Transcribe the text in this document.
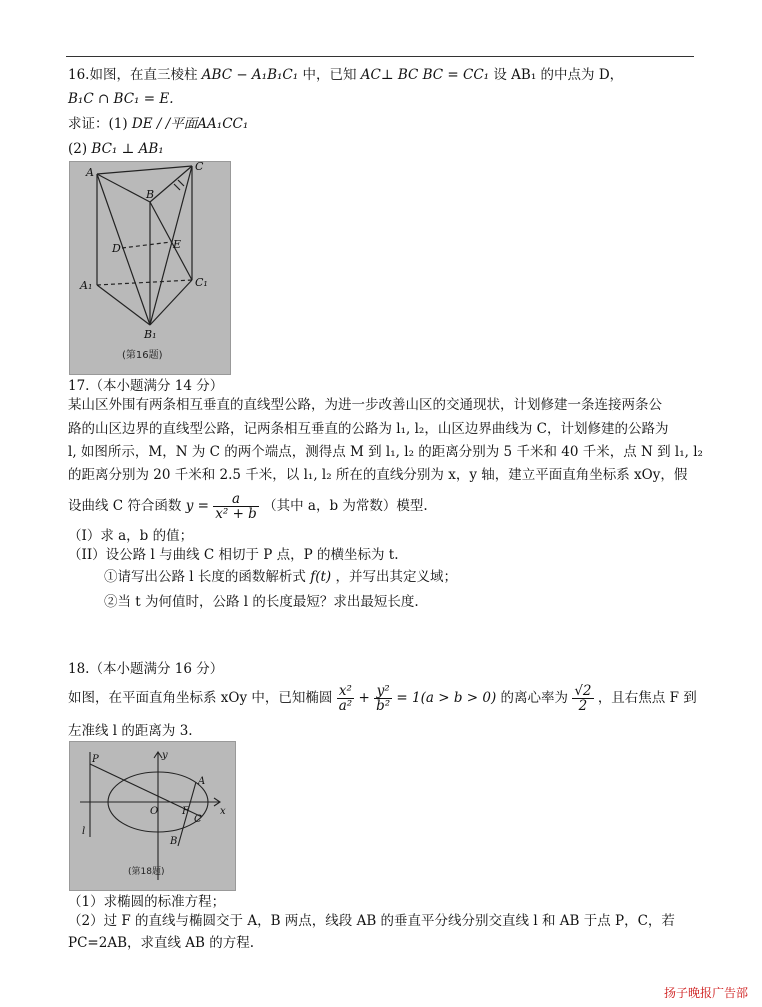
16.如图，在直三棱柱 ABC − A₁B₁C₁ 中，已知 AC⊥ BC BC = CC₁ 设 AB₁ 的中点为 D，
B₁C ∩ BC₁ = E.
求证：(1) DE / /平面AA₁CC₁
(2) BC₁ ⊥ AB₁
A
B
C
D	E
A₁
B₁
C₁
(第16题)
17.（本小题满分 14 分）
某山区外围有两条相互垂直的直线型公路，为进一步改善山区的交通现状，计划修建一条连接两条公
路的山区边界的直线型公路，记两条相互垂直的公路为 l₁, l₂，山区边界曲线为 C，计划修建的公路为
l, 如图所示，M，N 为 C 的两个端点，测得点 M 到 l₁, l₂ 的距离分别为 5 千米和 40 千米，点 N 到 l₁, l₂
的距离分别为 20 千米和 2.5 千米，以 l₁, l₂ 所在的直线分别为 x，y 轴，建立平面直角坐标系 xOy，假
设曲线 C 符合函数 $y = \frac{a}{\text{x² + b}}$ （其中 a，b 为常数）模型.
（I）求 a，b 的值；
（II）设公路 l 与曲线 C 相切于 P 点，P 的横坐标为 t.
①请写出公路 l 长度的函数解析式 f(t) ，并写出其定义域；
②当 t 为何值时，公路 l 的长度最短？求出最短长度.
18.（本小题满分 16 分）
如图，在平面直角坐标系 xOy 中，已知椭圆 $\frac{\text{x²}}{\text{a²}} + \frac{\text{y²}}{\text{b²}} = 1(a > b > 0)$ 的离心率为 $\frac{√2}{2}$ ，且右焦点 F 到
左准线 l 的距离为 3.
P	y
A
O F	x
B
C
l
(第18题)
（1）求椭圆的标准方程；
（2）过 F 的直线与椭圆交于 A，B 两点，线段 AB 的垂直平分线分别交直线 l 和 AB 于点 P，C，若
PC=2AB，求直线 AB 的方程.
扬子晚报广告部
